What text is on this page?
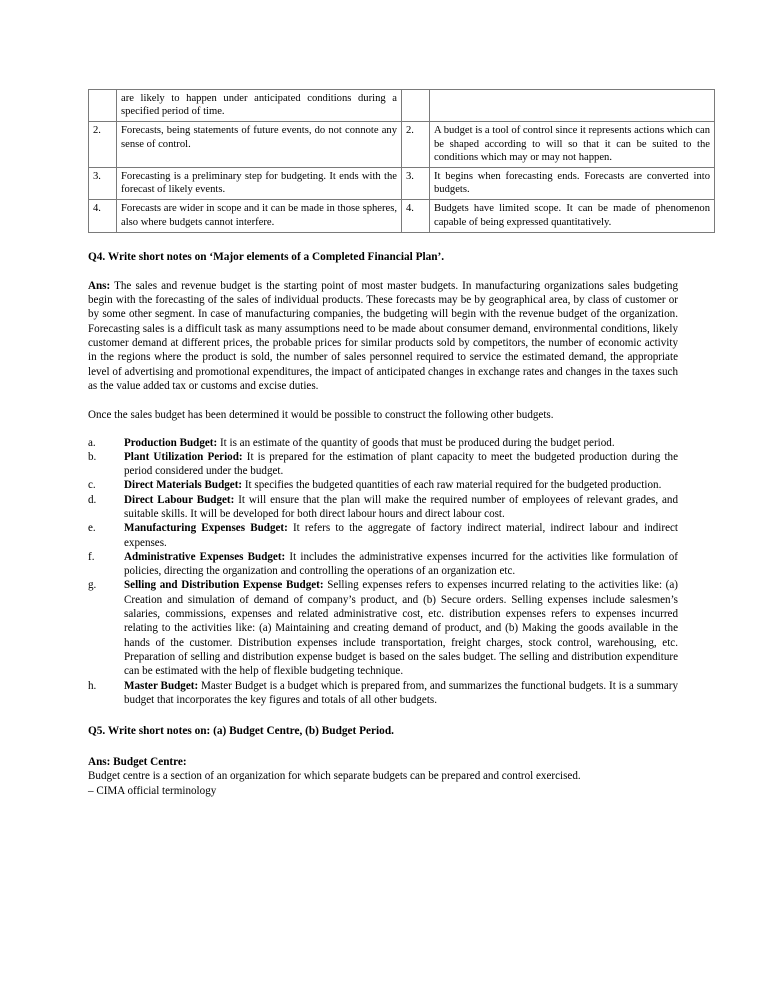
	are likely to happen under anticipated conditions during a specified period of time.		
2.	Forecasts, being statements of future events, do not connote any sense of control.	2.	A budget is a tool of control since it represents actions which can be shaped according to will so that it can be suited to the conditions which may or may not happen.
3.	Forecasting is a preliminary step for budgeting. It ends with the forecast of likely events.	3.	It begins when forecasting ends. Forecasts are converted into budgets.
4.	Forecasts are wider in scope and it can be made in those spheres, also where budgets cannot interfere.	4.	Budgets have limited scope. It can be made of phenomenon capable of being expressed quantitatively.
Q4. Write short notes on ‘Major elements of a Completed Financial Plan’.

Ans: The sales and revenue budget is the starting point of most master budgets. In manufacturing organizations sales budgeting begin with the forecasting of the sales of individual products. These forecasts may be by geographical area, by class of customer or by some other segment. In case of manufacturing companies, the budgeting will begin with the revenue budget of the organization. Forecasting sales is a difficult task as many assumptions need to be made about consumer demand, environmental conditions, likely customer demand at different prices, the probable prices for similar products sold by competitors, the number of economic activity in the regions where the product is sold, the number of sales personnel required to service the estimated demand, the appropriate level of advertising and promotional expenditures, the impact of anticipated changes in exchange rates and changes in the taxes such as the value added tax or customs and excise duties.

Once the sales budget has been determined it would be possible to construct the following other budgets.

a.	Production Budget: It is an estimate of the quantity of goods that must be produced during the budget period.
b.	Plant Utilization Period: It is prepared for the estimation of plant capacity to meet the budgeted production during the period considered under the budget.
c.	Direct Materials Budget: It specifies the budgeted quantities of each raw material required for the budgeted production.
d.	Direct Labour Budget: It will ensure that the plan will make the required number of employees of relevant grades, and suitable skills. It will be developed for both direct labour hours and direct labour cost.
e.	Manufacturing Expenses Budget: It refers to the aggregate of factory indirect material, indirect labour and indirect expenses.
f.	Administrative Expenses Budget: It includes the administrative expenses incurred for the activities like formulation of policies, directing the organization and controlling the operations of an organization etc.
g.	Selling and Distribution Expense Budget: Selling expenses refers to expenses incurred relating to the activities like: (a) Creation and simulation of demand of company’s product, and (b) Secure orders. Selling expenses include salesmen’s salaries, commissions, expenses and related administrative cost, etc. distribution expenses refers to expenses incurred relating to the activities like: (a) Maintaining and creating demand of product, and (b) Making the goods available in the hands of the customer. Distribution expenses include transportation, freight charges, stock control, warehousing, etc. Preparation of selling and distribution expense budget is based on the sales budget. The selling and distribution expenditure can be estimated with the help of flexible budgeting technique.
h.	Master Budget: Master Budget is a budget which is prepared from, and summarizes the functional budgets. It is a summary budget that incorporates the key figures and totals of all other budgets.
Q5. Write short notes on: (a) Budget Centre, (b) Budget Period.
Ans: Budget Centre:

Budget centre is a section of an organization for which separate budgets can be prepared and control exercised.

– CIMA official terminology
